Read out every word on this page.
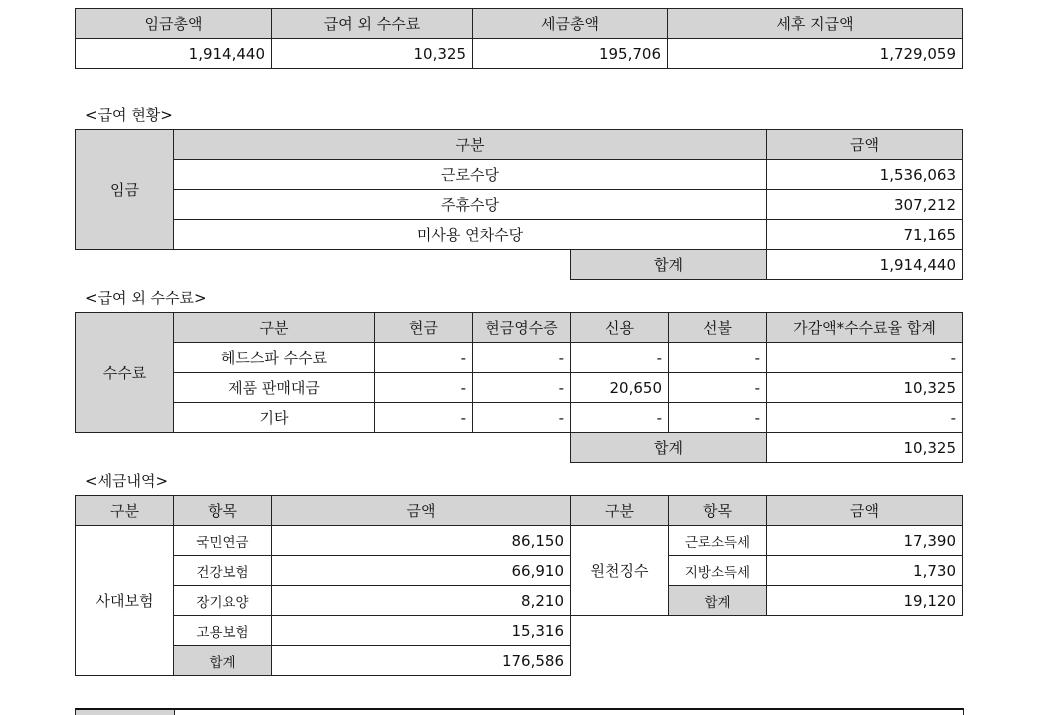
임금총액	급여 외 수수료	세금총액	세후 지급액
1,914,440	10,325	195,706	1,729,059

<급여 현황>

임금	구분		금액
	근로수당		1,536,063
	주휴수당		307,212
	미사용 연차수당		71,165
		합계	1,914,440

<급여 외 수수료>

수수료	구분	현금	현금영수증	신용	선불	가감액*수수료율 합계
	헤드스파 수수료	-	-	-	-	-
	제품 판매대금	-	-	20,650	-	10,325
	기타	-	-	-	-	-
				합계		10,325

<세금내역>

구분	항목	금액	구분	항목	금액
사대보험	국민연금	86,150	원천징수	근로소득세	17,390
	건강보험	66,910		지방소득세	1,730
	장기요양	8,210		합계	19,120
	고용보험	15,316			
	합계	176,586			
